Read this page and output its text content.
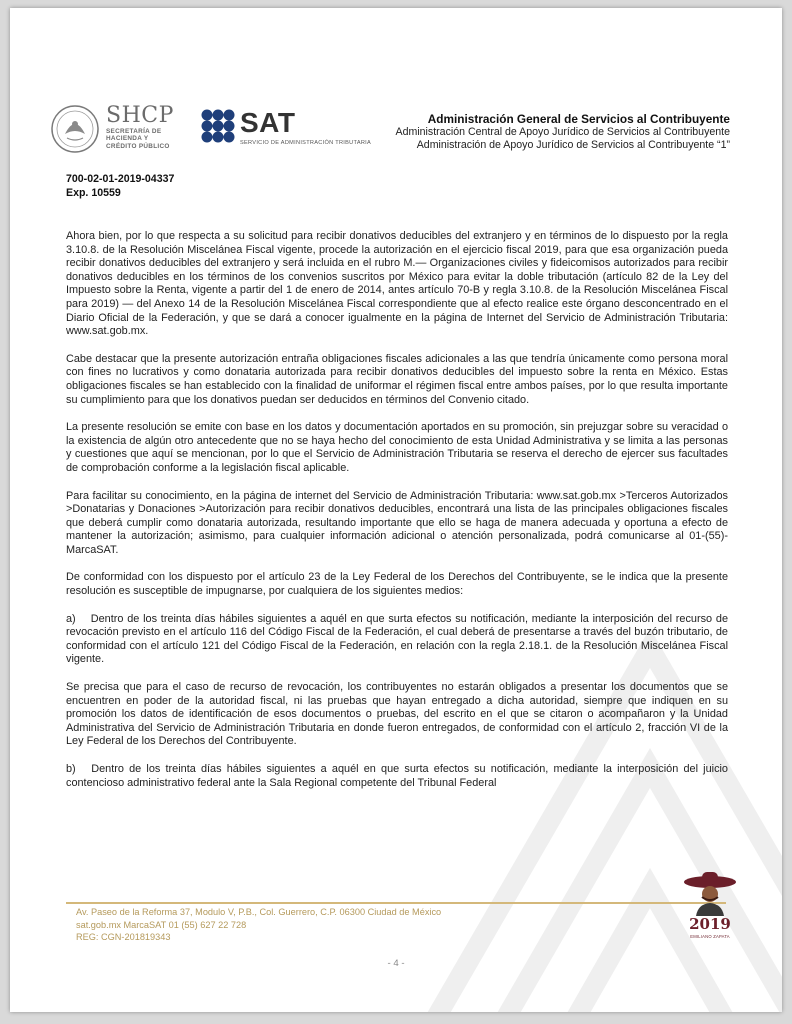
SHCP
SECRETARÍA DE
HACIENDA Y
CRÉDITO PÚBLICO
SAT
SERVICIO DE ADMINISTRACIÓN TRIBUTARIA
Administración General de Servicios al Contribuyente
Administración Central de Apoyo Jurídico de Servicios al Contribuyente
Administración de Apoyo Jurídico de Servicios al Contribuyente “1”
700-02-01-2019-04337
Exp. 10559

Ahora bien, por lo que respecta a su solicitud para recibir donativos deducibles del extranjero y en términos de lo dispuesto por la regla 3.10.8. de la Resolución Miscelánea Fiscal vigente, procede la autorización en el ejercicio fiscal 2019, para que esa organización pueda recibir donativos deducibles del extranjero y será incluida en el rubro M.— Organizaciones civiles y fideicomisos autorizados para recibir donativos deducibles en los términos de los convenios suscritos por México para evitar la doble tributación (artículo 82 de la Ley del Impuesto sobre la Renta, vigente a partir del 1 de enero de 2014, antes artículo 70-B y regla 3.10.8. de la Resolución Miscelánea Fiscal para 2019) — del Anexo 14 de la Resolución Miscelánea Fiscal correspondiente que al efecto realice este órgano desconcentrado en el Diario Oficial de la Federación, y que se dará a conocer igualmente en la página de Internet del Servicio de Administración Tributaria: www.sat.gob.mx.

Cabe destacar que la presente autorización entraña obligaciones fiscales adicionales a las que tendría únicamente como persona moral con fines no lucrativos y como donataria autorizada para recibir donativos deducibles del impuesto sobre la renta en México. Estas obligaciones fiscales se han establecido con la finalidad de uniformar el régimen fiscal entre ambos países, por lo que resulta importante su cumplimiento para que los donativos puedan ser deducidos en términos del Convenio citado.

La presente resolución se emite con base en los datos y documentación aportados en su promoción, sin prejuzgar sobre su veracidad o la existencia de algún otro antecedente que no se haya hecho del conocimiento de esta Unidad Administrativa y se limita a las personas y cuestiones que aquí se mencionan, por lo que el Servicio de Administración Tributaria se reserva el derecho de ejercer sus facultades de comprobación conforme a la legislación fiscal aplicable.

Para facilitar su conocimiento, en la página de internet del Servicio de Administración Tributaria: www.sat.gob.mx >Terceros Autorizados >Donatarias y Donaciones >Autorización para recibir donativos deducibles, encontrará una lista de las principales obligaciones fiscales que deberá cumplir como donataria autorizada, resultando importante que ello se haga de manera adecuada y oportuna a efecto de mantener la autorización; asimismo, para cualquier información adicional o atención personalizada, podrá comunicarse al 01-(55)-MarcaSAT.

De conformidad con los dispuesto por el artículo 23 de la Ley Federal de los Derechos del Contribuyente, se le indica que la presente resolución es susceptible de impugnarse, por cualquiera de los siguientes medios:

a)    Dentro de los treinta días hábiles siguientes a aquél en que surta efectos su notificación, mediante la interposición del recurso de revocación previsto en el artículo 116 del Código Fiscal de la Federación, el cual deberá de presentarse a través del buzón tributario, de conformidad con el artículo 121 del Código Fiscal de la Federación, en relación con la regla 2.18.1. de la Resolución Miscelánea Fiscal vigente.

Se precisa que para el caso de recurso de revocación, los contribuyentes no estarán obligados a presentar los documentos que se encuentren en poder de la autoridad fiscal, ni las pruebas que hayan entregado a dicha autoridad, siempre que indiquen en su promoción los datos de identificación de esos documentos o pruebas, del escrito en el que se citaron o acompañaron y la Unidad Administrativa del Servicio de Administración Tributaria en donde fueron entregados, de conformidad con el artículo 2, fracción VI de la Ley Federal de los Derechos del Contribuyente.

b)   Dentro de los treinta días hábiles siguientes a aquél en que surta efectos su notificación, mediante la interposición del juicio contencioso administrativo federal ante la Sala Regional competente del Tribunal Federal

Av. Paseo de la Reforma 37, Modulo V, P.B., Col. Guerrero, C.P. 06300 Ciudad de México
sat.gob.mx MarcaSAT 01 (55) 627 22 728
REG: CGN-201819343
2019
EMILIANO ZAPATA
- 4 -
